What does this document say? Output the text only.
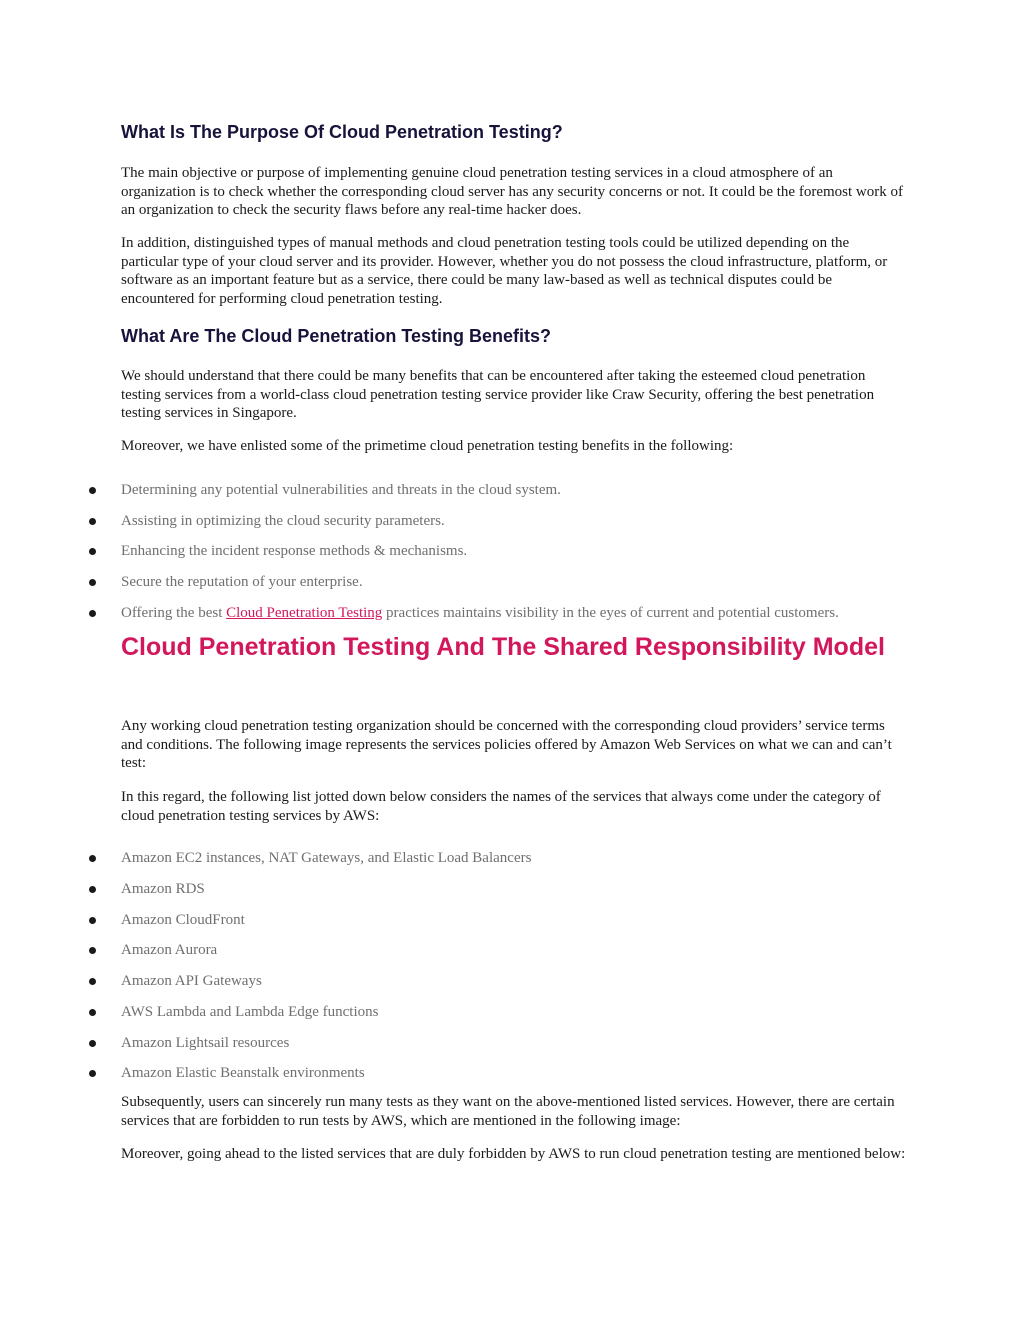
What Is The Purpose Of Cloud Penetration Testing?

The main objective or purpose of implementing genuine cloud penetration testing services in a cloud atmosphere of an organization is to check whether the corresponding cloud server has any security concerns or not. It could be the foremost work of an organization to check the security flaws before any real-time hacker does.

In addition, distinguished types of manual methods and cloud penetration testing tools could be utilized depending on the particular type of your cloud server and its provider. However, whether you do not possess the cloud infrastructure, platform, or software as an important feature but as a service, there could be many law-based as well as technical disputes could be encountered for performing cloud penetration testing.

What Are The Cloud Penetration Testing Benefits?

We should understand that there could be many benefits that can be encountered after taking the esteemed cloud penetration testing services from a world-class cloud penetration testing service provider like Craw Security, offering the best penetration testing services in Singapore.

Moreover, we have enlisted some of the primetime cloud penetration testing benefits in the following:

Determining any potential vulnerabilities and threats in the cloud system.

Assisting in optimizing the cloud security parameters.

Enhancing the incident response methods & mechanisms.

Secure the reputation of your enterprise.

Offering the best Cloud Penetration Testing practices maintains visibility in the eyes of current and potential customers.

Cloud Penetration Testing And The Shared Responsibility Model

Any working cloud penetration testing organization should be concerned with the corresponding cloud providers’ service terms and conditions. The following image represents the services policies offered by Amazon Web Services on what we can and can’t test:

In this regard, the following list jotted down below considers the names of the services that always come under the category of cloud penetration testing services by AWS:

Amazon EC2 instances, NAT Gateways, and Elastic Load Balancers

Amazon RDS

Amazon CloudFront

Amazon Aurora

Amazon API Gateways

AWS Lambda and Lambda Edge functions

Amazon Lightsail resources

Amazon Elastic Beanstalk environments

Subsequently, users can sincerely run many tests as they want on the above-mentioned listed services. However, there are certain services that are forbidden to run tests by AWS, which are mentioned in the following image:

Moreover, going ahead to the listed services that are duly forbidden by AWS to run cloud penetration testing are mentioned below:
